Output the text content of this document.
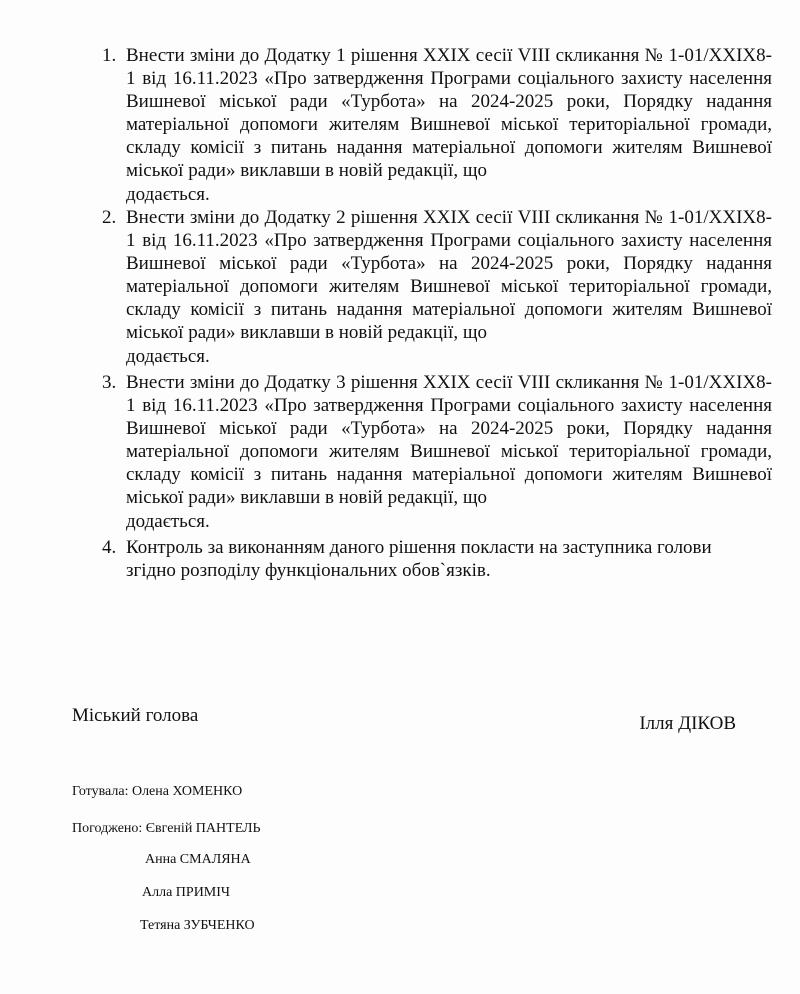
1. Внести зміни до Додатку 1 рішення XXIX сесії VIII скликання № 1-01/XXIX8-1 від 16.11.2023 «Про затвердження Програми соціального захисту населення Вишневої міської ради «Турбота» на 2024-2025 роки, Порядку надання матеріальної допомоги жителям Вишневої міської територіальної громади, складу комісії з питань надання матеріальної допомоги жителям Вишневої міської ради» виклавши в новій редакції, що
додається.
2. Внести зміни до Додатку 2 рішення XXIX сесії VIII скликання № 1-01/XXIX8-1 від 16.11.2023 «Про затвердження Програми соціального захисту населення Вишневої міської ради «Турбота» на 2024-2025 роки, Порядку надання матеріальної допомоги жителям Вишневої міської територіальної громади, складу комісії з питань надання матеріальної допомоги жителям Вишневої міської ради» виклавши в новій редакції, що
додається.
3. Внести зміни до Додатку 3 рішення XXIX сесії VIII скликання № 1-01/XXIX8-1 від 16.11.2023 «Про затвердження Програми соціального захисту населення Вишневої міської ради «Турбота» на 2024-2025 роки, Порядку надання матеріальної допомоги жителям Вишневої міської територіальної громади, складу комісії з питань надання матеріальної допомоги жителям Вишневої міської ради» виклавши в новій редакції, що
додається.
4. Контроль за виконанням даного рішення покласти на заступника голови
згідно розподілу функціональних обов`язків.
Міський голова	Ілля ДІКОВ
Готувала: Олена ХОМЕНКО
Погоджено: Євгеній ПАНТЕЛЬ
Анна СМАЛЯНА
Алла ПРИМІЧ
Тетяна ЗУБЧЕНКО
